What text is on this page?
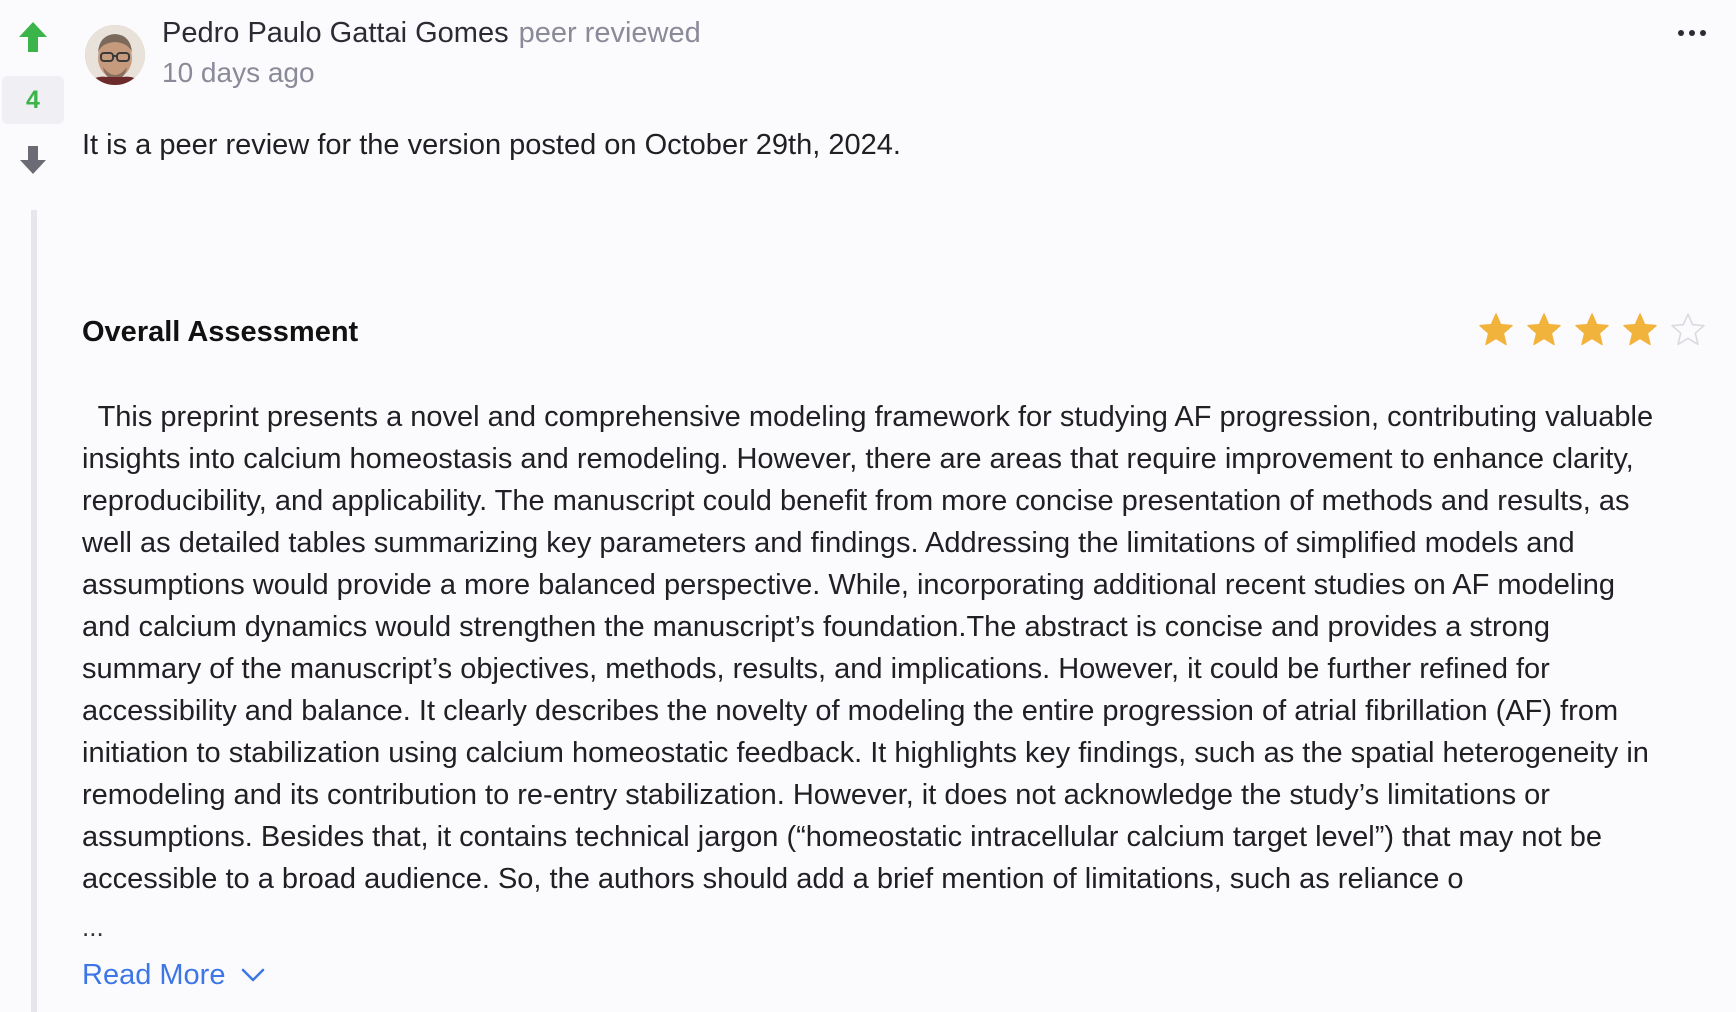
4
Pedro Paulo Gattai Gomes peer reviewed
10 days ago
It is a peer review for the version posted on October 29th, 2024.
Overall Assessment
This preprint presents a novel and comprehensive modeling framework for studying AF progression, contributing valuable
insights into calcium homeostasis and remodeling. However, there are areas that require improvement to enhance clarity,
reproducibility, and applicability. The manuscript could benefit from more concise presentation of methods and results, as
well as detailed tables summarizing key parameters and findings. Addressing the limitations of simplified models and
assumptions would provide a more balanced perspective. While, incorporating additional recent studies on AF modeling
and calcium dynamics would strengthen the manuscript’s foundation.The abstract is concise and provides a strong
summary of the manuscript’s objectives, methods, results, and implications. However, it could be further refined for
accessibility and balance. It clearly describes the novelty of modeling the entire progression of atrial fibrillation (AF) from
initiation to stabilization using calcium homeostatic feedback. It highlights key findings, such as the spatial heterogeneity in
remodeling and its contribution to re-entry stabilization. However, it does not acknowledge the study’s limitations or
assumptions. Besides that, it contains technical jargon (“homeostatic intracellular calcium target level”) that may not be
accessible to a broad audience. So, the authors should add a brief mention of limitations, such as reliance o
...
Read More
